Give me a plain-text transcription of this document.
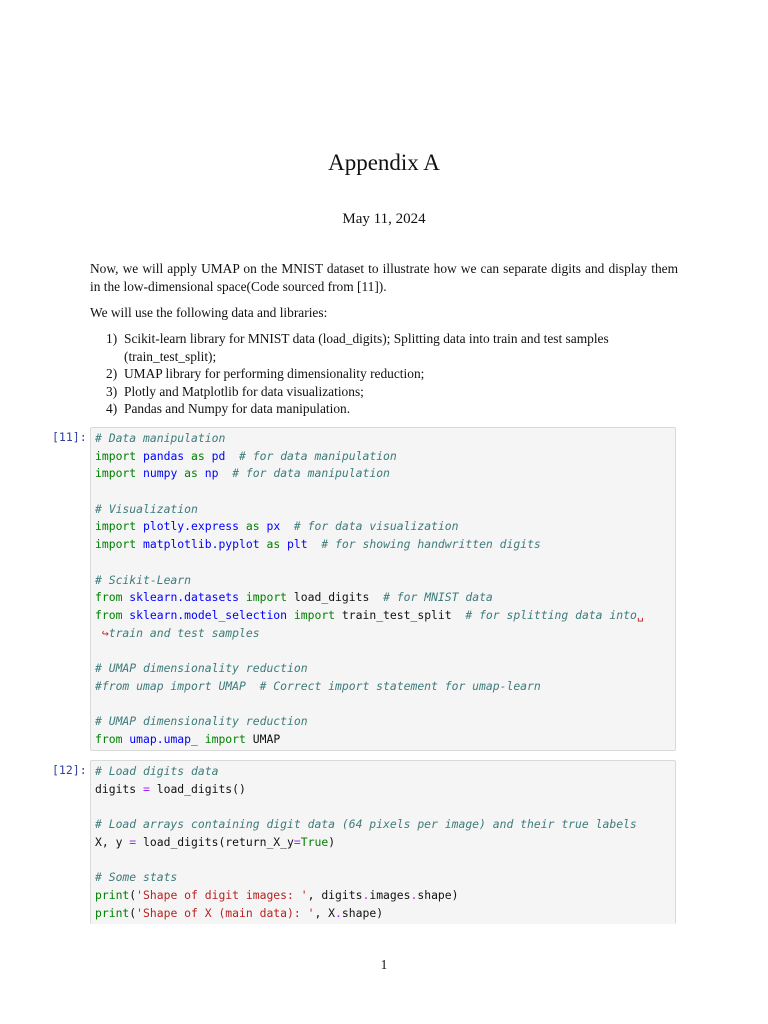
Appendix A
May 11, 2024

Now, we will apply UMAP on the MNIST dataset to illustrate how we can separate digits and display them in the low-dimensional space(Code sourced from [11]).

We will use the following data and libraries:

1) Scikit-learn library for MNIST data (load_digits); Splitting data into train and test samples (train_test_split);
2) UMAP library for performing dimensionality reduction;
3) Plotly and Matplotlib for data visualizations;
4) Pandas and Numpy for data manipulation.
[11]: # Data manipulation
import pandas as pd # for data manipulation
import numpy as np # for data manipulation

# Visualization
import plotly.express as px # for data visualization
import matplotlib.pyplot as plt # for showing handwritten digits

# Scikit-Learn
from sklearn.datasets import load_digits  # for MNIST data
from sklearn.model_selection import train_test_split  # for splitting data into␣
↪train and test samples

# UMAP dimensionality reduction
#from umap import UMAP  # Correct import statement for umap-learn

# UMAP dimensionality reduction
from umap.umap_ import UMAP
[12]: # Load digits data
digits = load_digits()

# Load arrays containing digit data (64 pixels per image) and their true labels
X, y = load_digits(return_X_y=True)

# Some stats
print('Shape of digit images: ', digits.images.shape)
print('Shape of X (main data): ', X.shape)
1
